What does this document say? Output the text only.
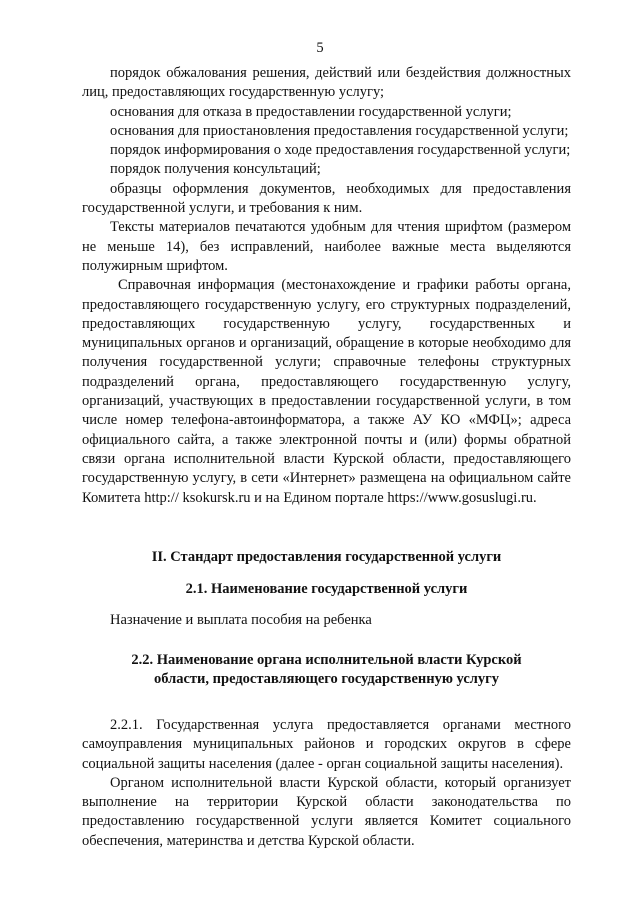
5

порядок обжалования решения, действий или бездействия должностных лиц, предоставляющих государственную услугу;

основания для отказа в предоставлении государственной услуги;

основания для приостановления предоставления государственной услуги;

порядок информирования о ходе предоставления государственной услуги;

порядок получения консультаций;

образцы оформления документов, необходимых для предоставления государственной услуги, и требования к ним.

Тексты материалов печатаются удобным для чтения шрифтом (размером не меньше 14), без исправлений, наиболее важные места выделяются полужирным шрифтом.

Справочная информация (местонахождение и графики работы органа, предоставляющего государственную услугу, его структурных подразделений, предоставляющих государственную услугу, государственных и муниципальных органов и организаций, обращение в которые необходимо для получения государственной услуги; справочные телефоны структурных подразделений органа, предоставляющего государственную услугу, организаций, участвующих в предоставлении государственной услуги, в том числе номер телефона-автоинформатора, а также АУ КО «МФЦ»; адреса официального сайта, а также электронной почты и (или) формы обратной связи органа исполнительной власти Курской области, предоставляющего государственную услугу, в сети «Интернет» размещена на официальном сайте Комитета http:// ksokursk.ru и на Едином портале https://www.gosuslugi.ru.

II. Стандарт предоставления государственной услуги
2.1. Наименование государственной услуги
Назначение и выплата пособия на ребенка
2.2. Наименование органа исполнительной власти Курской
области, предоставляющего государственную услугу

2.2.1. Государственная услуга предоставляется органами местного самоуправления муниципальных районов и городских округов в сфере социальной защиты населения (далее - орган социальной защиты населения).

Органом исполнительной власти Курской области, который организует выполнение на территории Курской области законодательства по предоставлению государственной услуги является Комитет социального обеспечения, материнства и детства Курской области.
